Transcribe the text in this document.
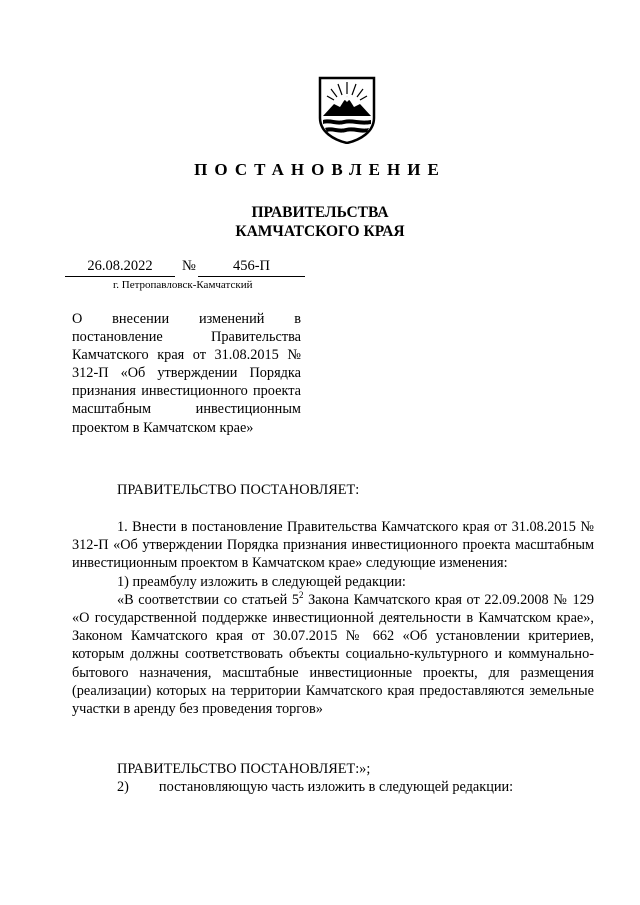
ПОСТАНОВЛЕНИЕ
ПРАВИТЕЛЬСТВА
КАМЧАТСКОГО КРАЯ
26.08.2022	№	456-П
г. Петропавловск-Камчатский
О внесении изменений в постановление Правительства Камчатского края от 31.08.2015 № 312-П «Об утверждении Порядка признания инвестиционного проекта масштабным инвестиционным проектом в Камчатском крае»

ПРАВИТЕЛЬСТВО ПОСТАНОВЛЯЕТ:

1. Внести в постановление Правительства Камчатского края от 31.08.2015 № 312-П «Об утверждении Порядка признания инвестиционного проекта масштабным инвестиционным проектом в Камчатском крае» следующие изменения:

1) преамбулу изложить в следующей редакции:

«В соответствии со статьей $5^2$ Закона Камчатского края от 22.09.2008 № 129 «О государственной поддержке инвестиционной деятельности в Камчатском крае», Законом Камчатского края от 30.07.2015 № 662 «Об установлении критериев, которым должны соответствовать объекты социально-культурного и коммунально-бытового назначения, масштабные инвестиционные проекты, для размещения (реализации) которых на территории Камчатского края предоставляются земельные участки в аренду без проведения торгов»

ПРАВИТЕЛЬСТВО ПОСТАНОВЛЯЕТ:»;

2) постановляющую часть изложить в следующей редакции:
